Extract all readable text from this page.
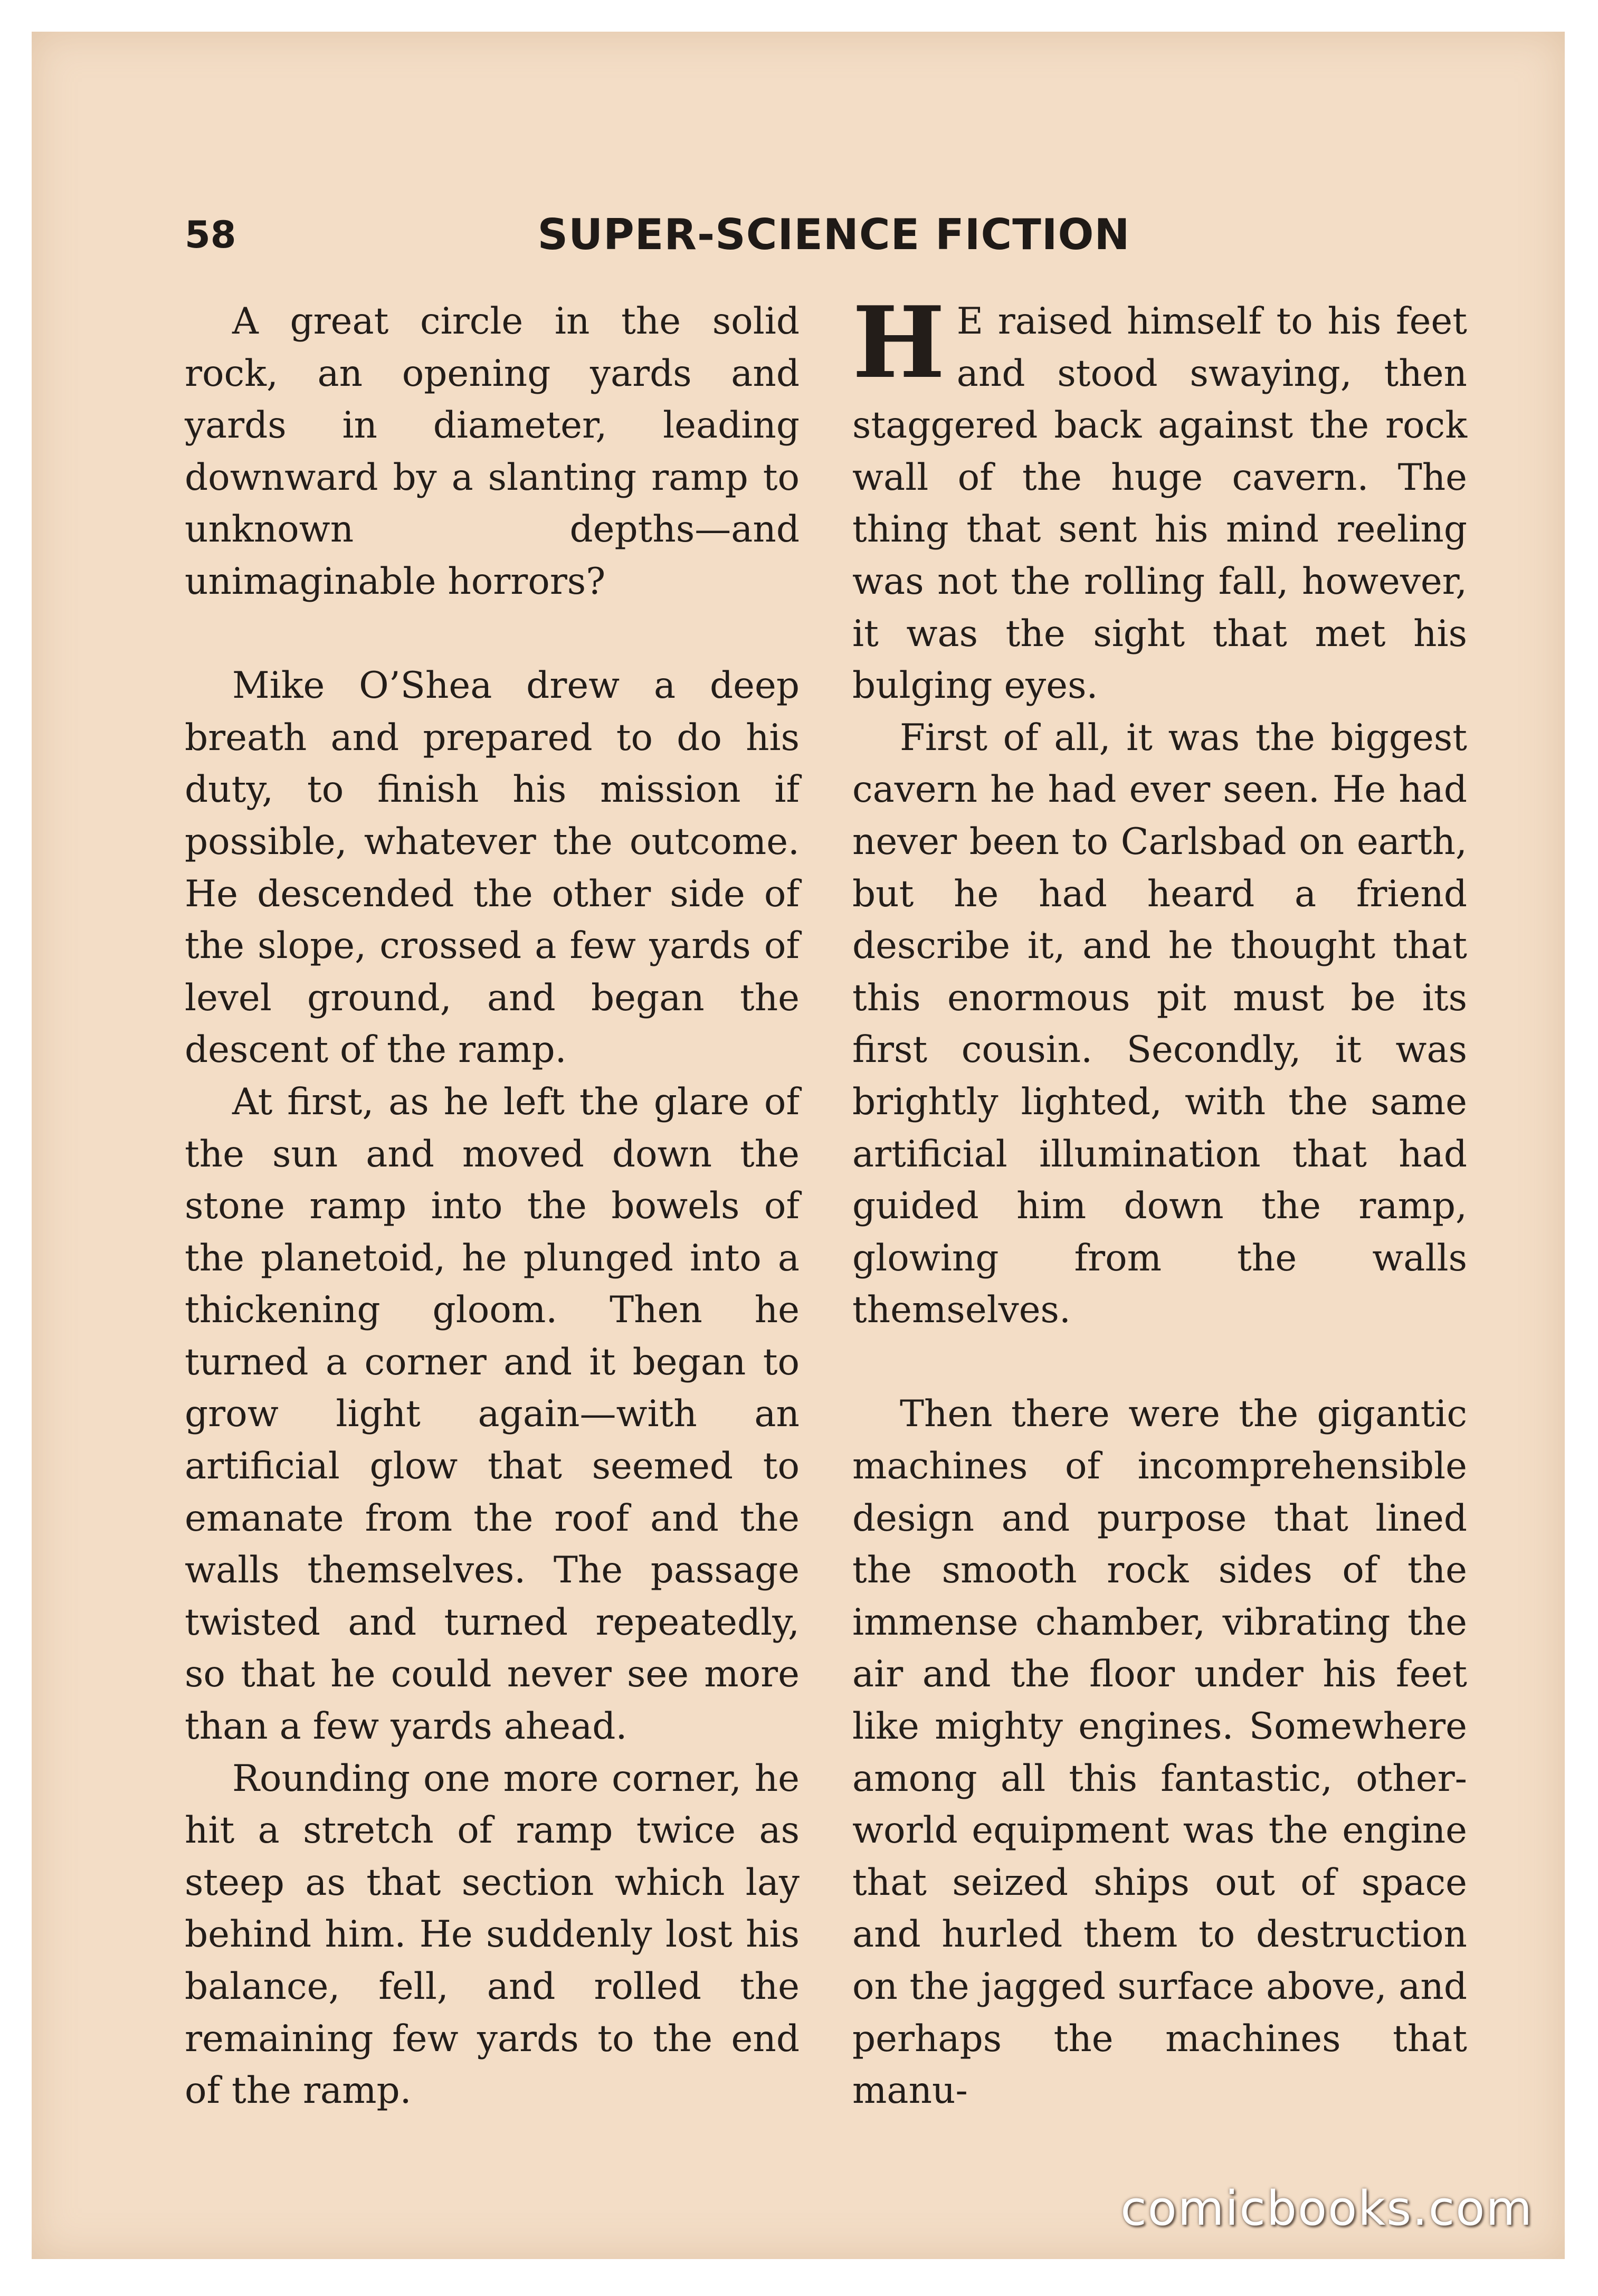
58	SUPER-SCIENCE FICTION

A great circle in the solid rock, an opening yards and yards in diameter, leading downward by a slanting ramp to unknown depths—and unimaginable horrors?

Mike O’Shea drew a deep breath and prepared to do his duty, to finish his mission if possible, whatever the outcome. He descended the other side of the slope, crossed a few yards of level ground, and began the descent of the ramp.

At first, as he left the glare of the sun and moved down the stone ramp into the bowels of the planetoid, he plunged into a thickening gloom. Then he turned a corner and it began to grow light again—with an artificial glow that seemed to emanate from the roof and the walls themselves. The passage twisted and turned repeatedly, so that he could never see more than a few yards ahead.

Rounding one more corner, he hit a stretch of ramp twice as steep as that section which lay behind him. He suddenly lost his balance, fell, and rolled the remaining few yards to the end of the ramp.

H E raised himself to his feet and stood swaying, then staggered back against the rock wall of the huge cavern. The thing that sent his mind reeling was not the rolling fall, however, it was the sight that met his bulging eyes.

First of all, it was the biggest cavern he had ever seen. He had never been to Carlsbad on earth, but he had heard a friend describe it, and he thought that this enormous pit must be its first cousin. Secondly, it was brightly lighted, with the same artificial illumination that had guided him down the ramp, glowing from the walls themselves.

Then there were the gigantic machines of incomprehensible design and purpose that lined the smooth rock sides of the immense chamber, vibrating the air and the floor under his feet like mighty engines. Somewhere among all this fantastic, other-world equipment was the engine that seized ships out of space and hurled them to destruction on the jagged surface above, and perhaps the machines that manu-

comicbooks.com
